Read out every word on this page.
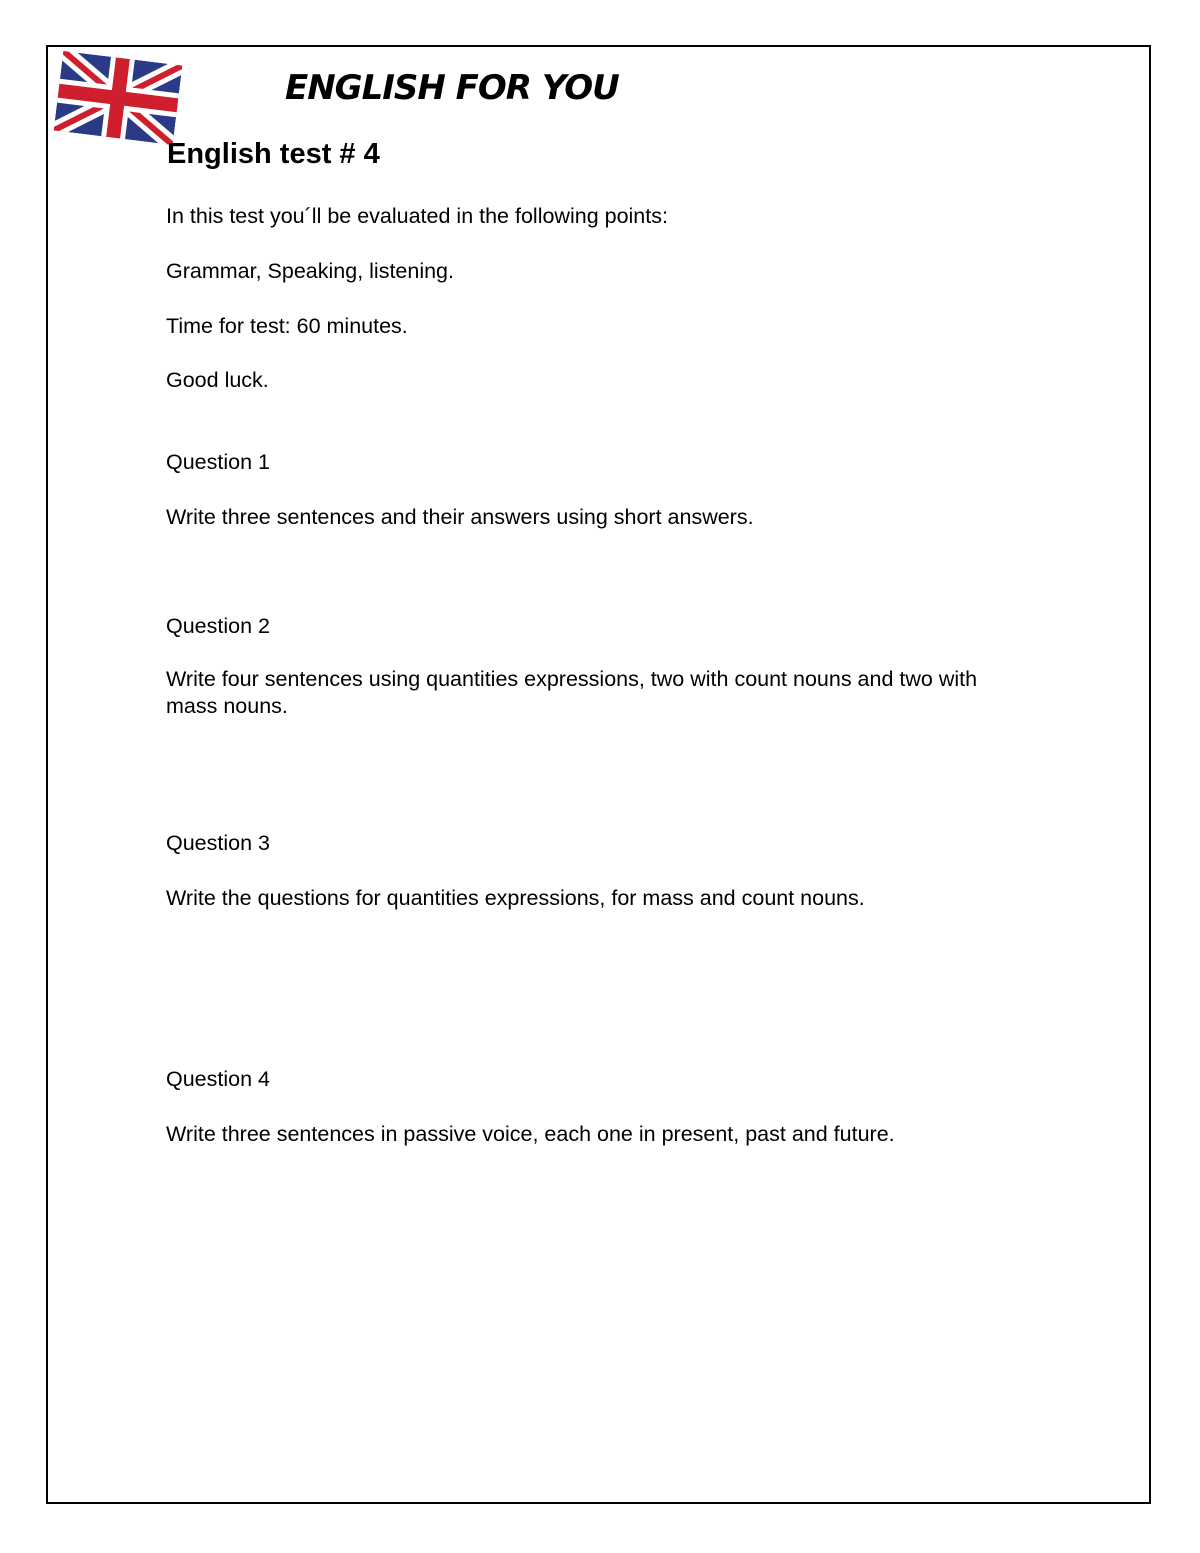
ENGLISH FOR YOU
English test # 4
In this test you´ll be evaluated in the following points:
Grammar, Speaking, listening.
Time for test: 60 minutes.
Good luck.
Question 1
Write three sentences and their answers using short answers.
Question 2
Write four sentences using quantities expressions, two with count nouns and two with mass nouns.
Question 3
Write the questions for quantities expressions, for mass and count nouns.
Question 4
Write three sentences in passive voice, each one in present, past and future.
